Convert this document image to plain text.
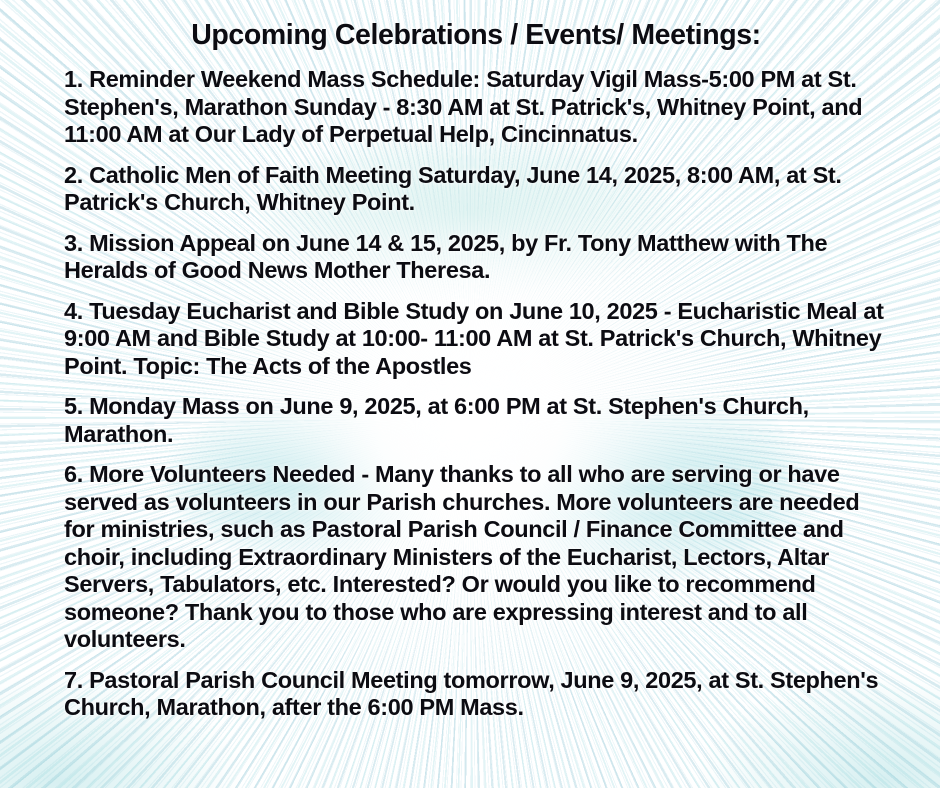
Upcoming Celebrations / Events/ Meetings:

1. Reminder Weekend Mass Schedule: Saturday Vigil Mass-5:00 PM at St. Stephen's, Marathon Sunday - 8:30 AM at St. Patrick's, Whitney Point, and 11:00 AM at Our Lady of Perpetual Help, Cincinnatus.

2. Catholic Men of Faith Meeting Saturday, June 14, 2025, 8:00 AM, at St. Patrick's Church, Whitney Point.

3. Mission Appeal on June 14 & 15, 2025, by Fr. Tony Matthew with The Heralds of Good News Mother Theresa.

4. Tuesday Eucharist and Bible Study on June 10, 2025 - Eucharistic Meal at 9:00 AM and Bible Study at 10:00- 11:00 AM at St. Patrick's Church, Whitney Point. Topic: The Acts of the Apostles

5. Monday Mass on June 9, 2025, at 6:00 PM at St. Stephen's Church, Marathon.

6. More Volunteers Needed - Many thanks to all who are serving or have served as volunteers in our Parish churches. More volunteers are needed for ministries, such as Pastoral Parish Council / Finance Committee and choir, including Extraordinary Ministers of the Eucharist, Lectors, Altar Servers, Tabulators, etc. Interested? Or would you like to recommend someone? Thank you to those who are expressing interest and to all volunteers.

7. Pastoral Parish Council Meeting tomorrow, June 9, 2025, at St. Stephen's Church, Marathon, after the 6:00 PM Mass.
